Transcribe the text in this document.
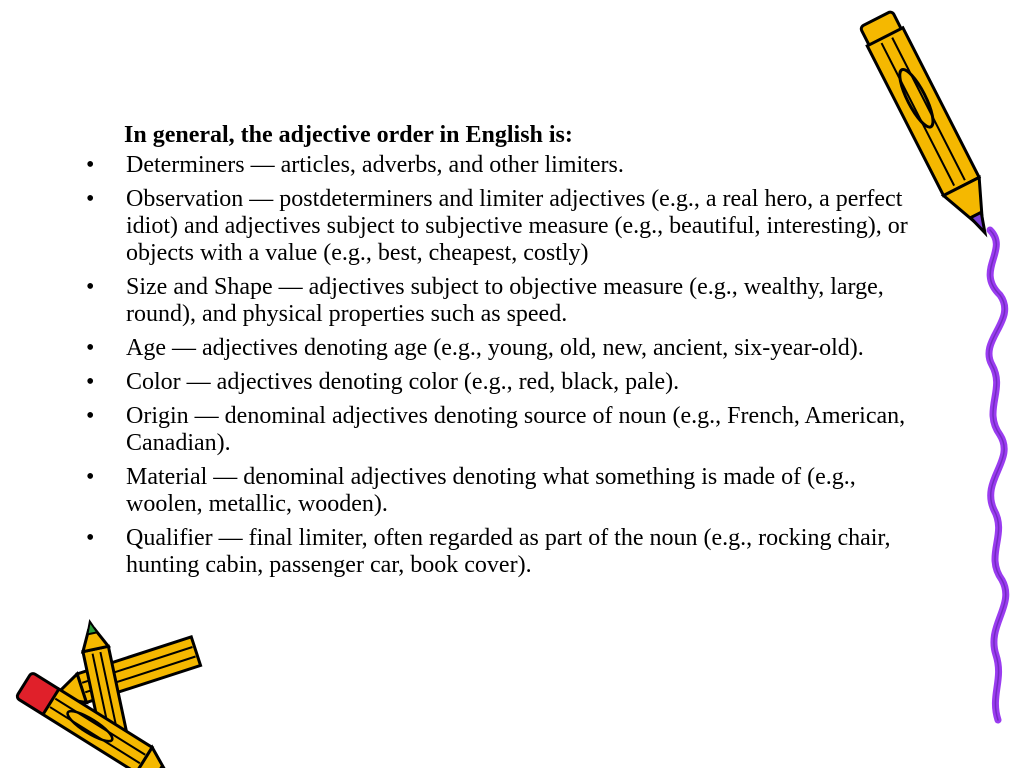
In general, the adjective order in English is:
•	Determiners — articles, adverbs, and other limiters.
•	Observation — postdeterminers and limiter adjectives (e.g., a real hero, a perfect idiot) and adjectives subject to subjective measure (e.g., beautiful, interesting), or objects with a value (e.g., best, cheapest, costly)
•	Size and Shape — adjectives subject to objective measure (e.g., wealthy, large, round), and physical properties such as speed.
•	Age — adjectives denoting age (e.g., young, old, new, ancient, six-year-old).
•	Color — adjectives denoting color (e.g., red, black, pale).
•	Origin — denominal adjectives denoting source of noun (e.g., French, American, Canadian).
•	Material — denominal adjectives denoting what something is made of (e.g., woolen, metallic, wooden).
•	Qualifier — final limiter, often regarded as part of the noun (e.g., rocking chair, hunting cabin, passenger car, book cover).
